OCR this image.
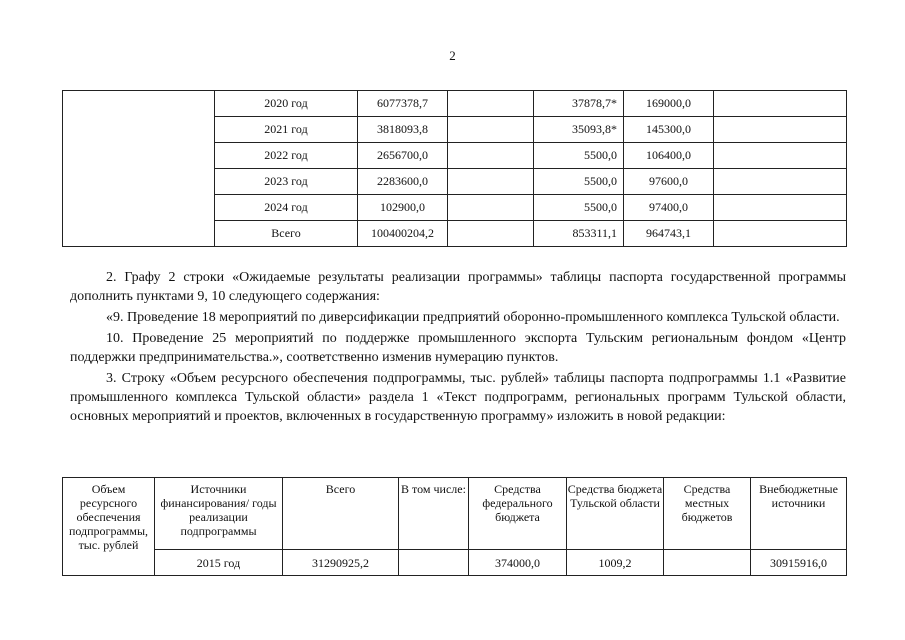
2
	2020 год	6077378,7		37878,7*	169000,0		
	2021 год	3818093,8		35093,8*	145300,0		
	2022 год	2656700,0		5500,0	106400,0		
	2023 год	2283600,0		5500,0	97600,0		
	2024 год	102900,0		5500,0	97400,0		
	Всего	100400204,2		853311,1	964743,1		

2. Графу 2 строки «Ожидаемые результаты реализации программы» таблицы паспорта государственной программы дополнить пунктами 9, 10 следующего содержания:

«9. Проведение 18 мероприятий по диверсификации предприятий оборонно-промышленного комплекса Тульской области.

10. Проведение 25 мероприятий по поддержке промышленного экспорта Тульским региональным фондом «Центр поддержки предпринимательства.», соответственно изменив нумерацию пунктов.

3. Строку «Объем ресурсного обеспечения подпрограммы, тыс. рублей» таблицы паспорта подпрограммы 1.1 «Развитие промышленного комплекса Тульской области» раздела 1 «Текст подпрограмм, региональных программ Тульской области, основных мероприятий и проектов, включенных в государственную программу» изложить в новой редакции:

Объем ресурсного обеспечения подпрограммы, тыс. рублей	Источники финансирования/ годы реализации подпрограммы	Всего	В том числе:	Средства федерального бюджета	Средства бюджета Тульской области	Средства местных бюджетов	Внебюджетные источники
	2015 год	31290925,2		374000,0	1009,2		30915916,0
